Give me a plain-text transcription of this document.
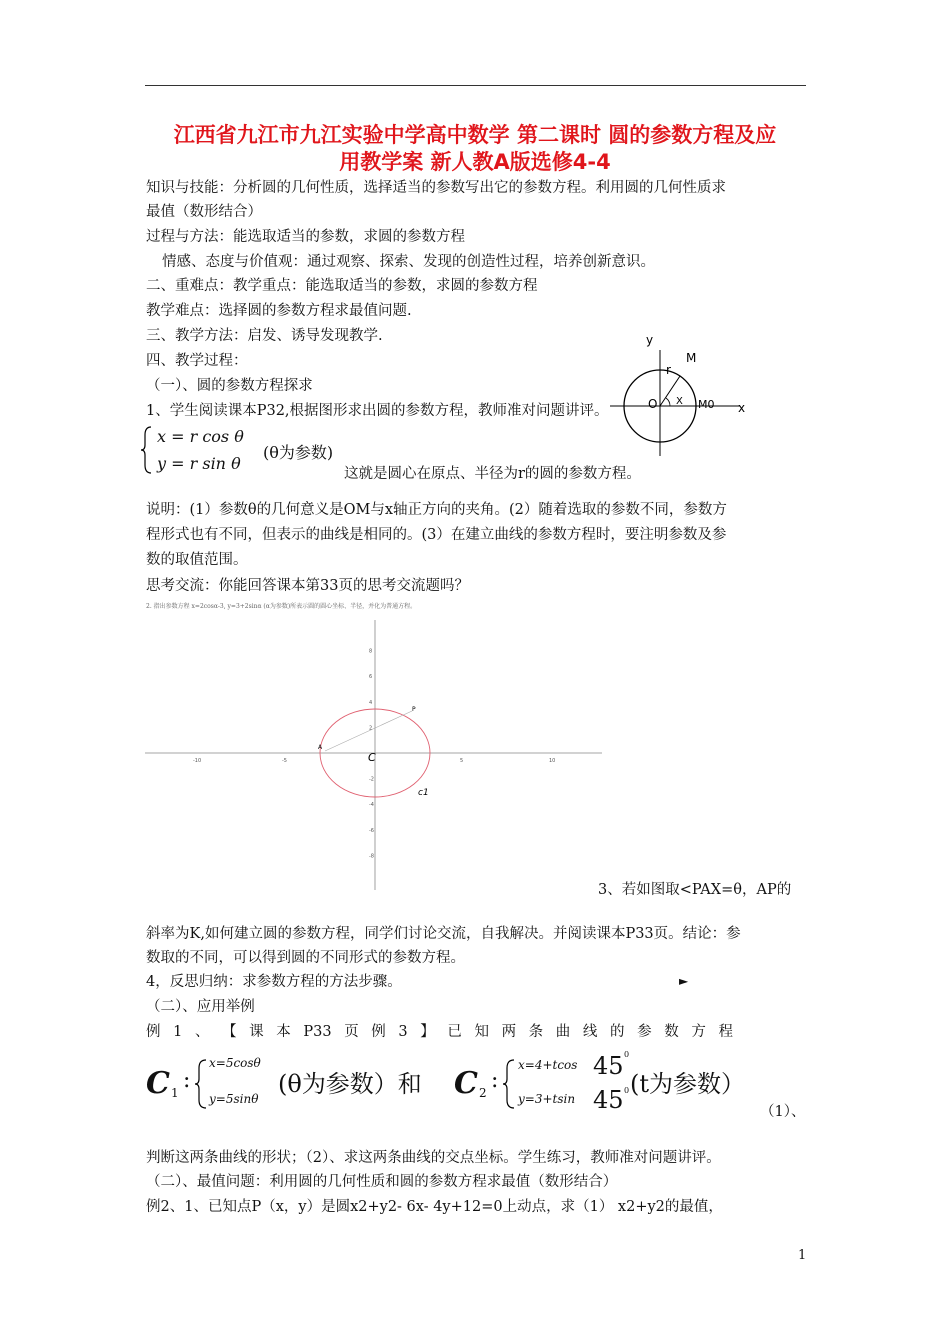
江西省九江市九江实验中学高中数学 第二课时 圆的参数方程及应
用教学案 新人教A版选修4-4
知识与技能：分析圆的几何性质，选择适当的参数写出它的参数方程。利用圆的几何性质求
最值（数形结合）
过程与方法：能选取适当的参数，求圆的参数方程
情感、态度与价值观：通过观察、探索、发现的创造性过程，培养创新意识。
二、重难点：教学重点：能选取适当的参数，求圆的参数方程
教学难点：选择圆的参数方程求最值问题.
三、教学方法：启发、诱导发现教学.
四、教学过程：
（一）、圆的参数方程探求
1、学生阅读课本P32,根据图形求出圆的参数方程，教师准对问题讲评。
y
x
M
r
O X M0
x = r cos θ
y = r sin θ
(θ为参数)
这就是圆心在原点、半径为r的圆的参数方程。
说明：(1）参数θ的几何意义是OM与x轴正方向的夹角。(2）随着选取的参数不同，参数方
程形式也有不同，但表示的曲线是相同的。(3）在建立曲线的参数方程时，要注明参数及参
数的取值范围。
思考交流：你能回答课本第33页的思考交流题吗？
2. 指出参数方程 x=2cosα-3, y=3+2sinα (α为参数)所表示圆的圆心坐标、半径，并化为普通方程。
-10	-5	5	10
8
6
4
2
-2
-4
-6
-8
C
c1
P
A
3、若如图取<PAX=θ，AP的
斜率为K,如何建立圆的参数方程，同学们讨论交流，自我解决。并阅读课本P33页。结论：参
数取的不同，可以得到圆的不同形式的参数方程。
4，反思归纳：求参数方程的方法步骤。	►
（二）、应用举例
例 1 、 【 课 本 P33 页 例 3 】 已 知 两 条 曲 线 的 参 数 方 程
C 1 :
x=5cosθ
y=5sinθ
(θ为参数）和 C 2 :
x=4+tcos
y=3+tsin
45 0
45 0 (t为参数）
（1）、
判断这两条曲线的形状；（2）、求这两条曲线的交点坐标。学生练习，教师准对问题讲评。
（二）、最值问题：利用圆的几何性质和圆的参数方程求最值（数形结合）
例2、1、已知点P（x，y）是圆x2+y2- 6x- 4y+12=0上动点，求（1） x2+y2的最值，
1
